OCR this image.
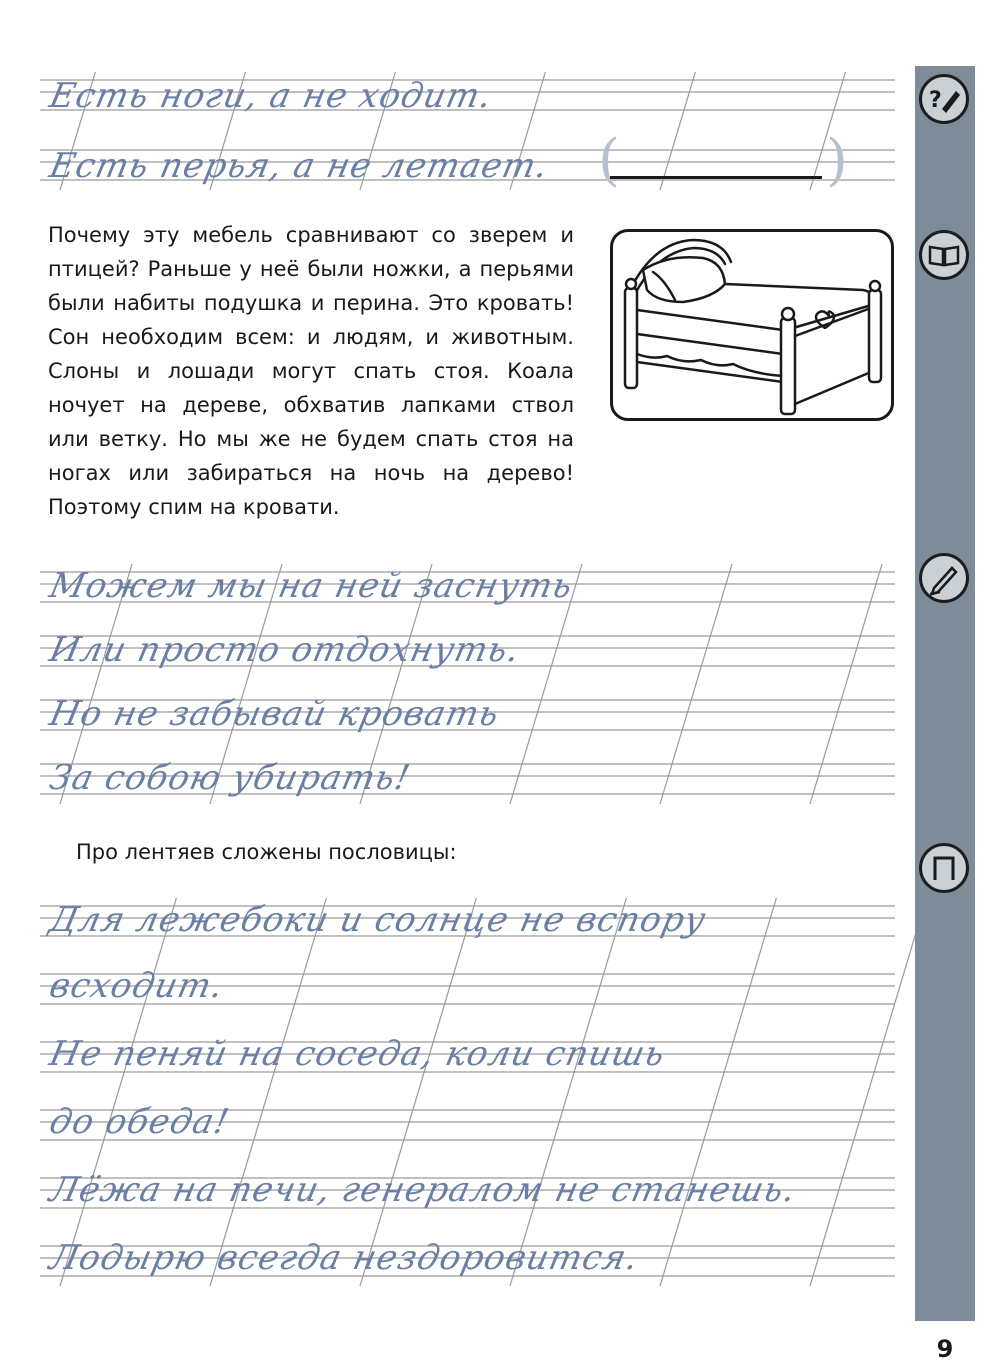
Есть ноги, а не ходит.
Есть перья, а не летает. (	)

Почему эту мебель сравнивают со зверем и птицей? Раньше у неё были ножки, а перьями были набиты подушка и перина. Это кровать! Сон необходим всем: и людям, и животным. Слоны и лошади могут спать стоя. Коала ночует на дереве, обхватив лапками ствол или ветку. Но мы же не будем спать стоя на ногах или забираться на ночь на дерево! Поэтому спим на кровати.

Можем мы на ней заснуть
Или просто отдохнуть.
Но не забывай кровать
За собою убирать!
Про лентяев сложены пословицы:
Для лежебоки и солнце не вспору
всходит.
Не пеняй на соседа, коли спишь
до обеда!
Лёжа на печи, генералом не станешь.
Лодырю всегда нездоровится.
?
9
